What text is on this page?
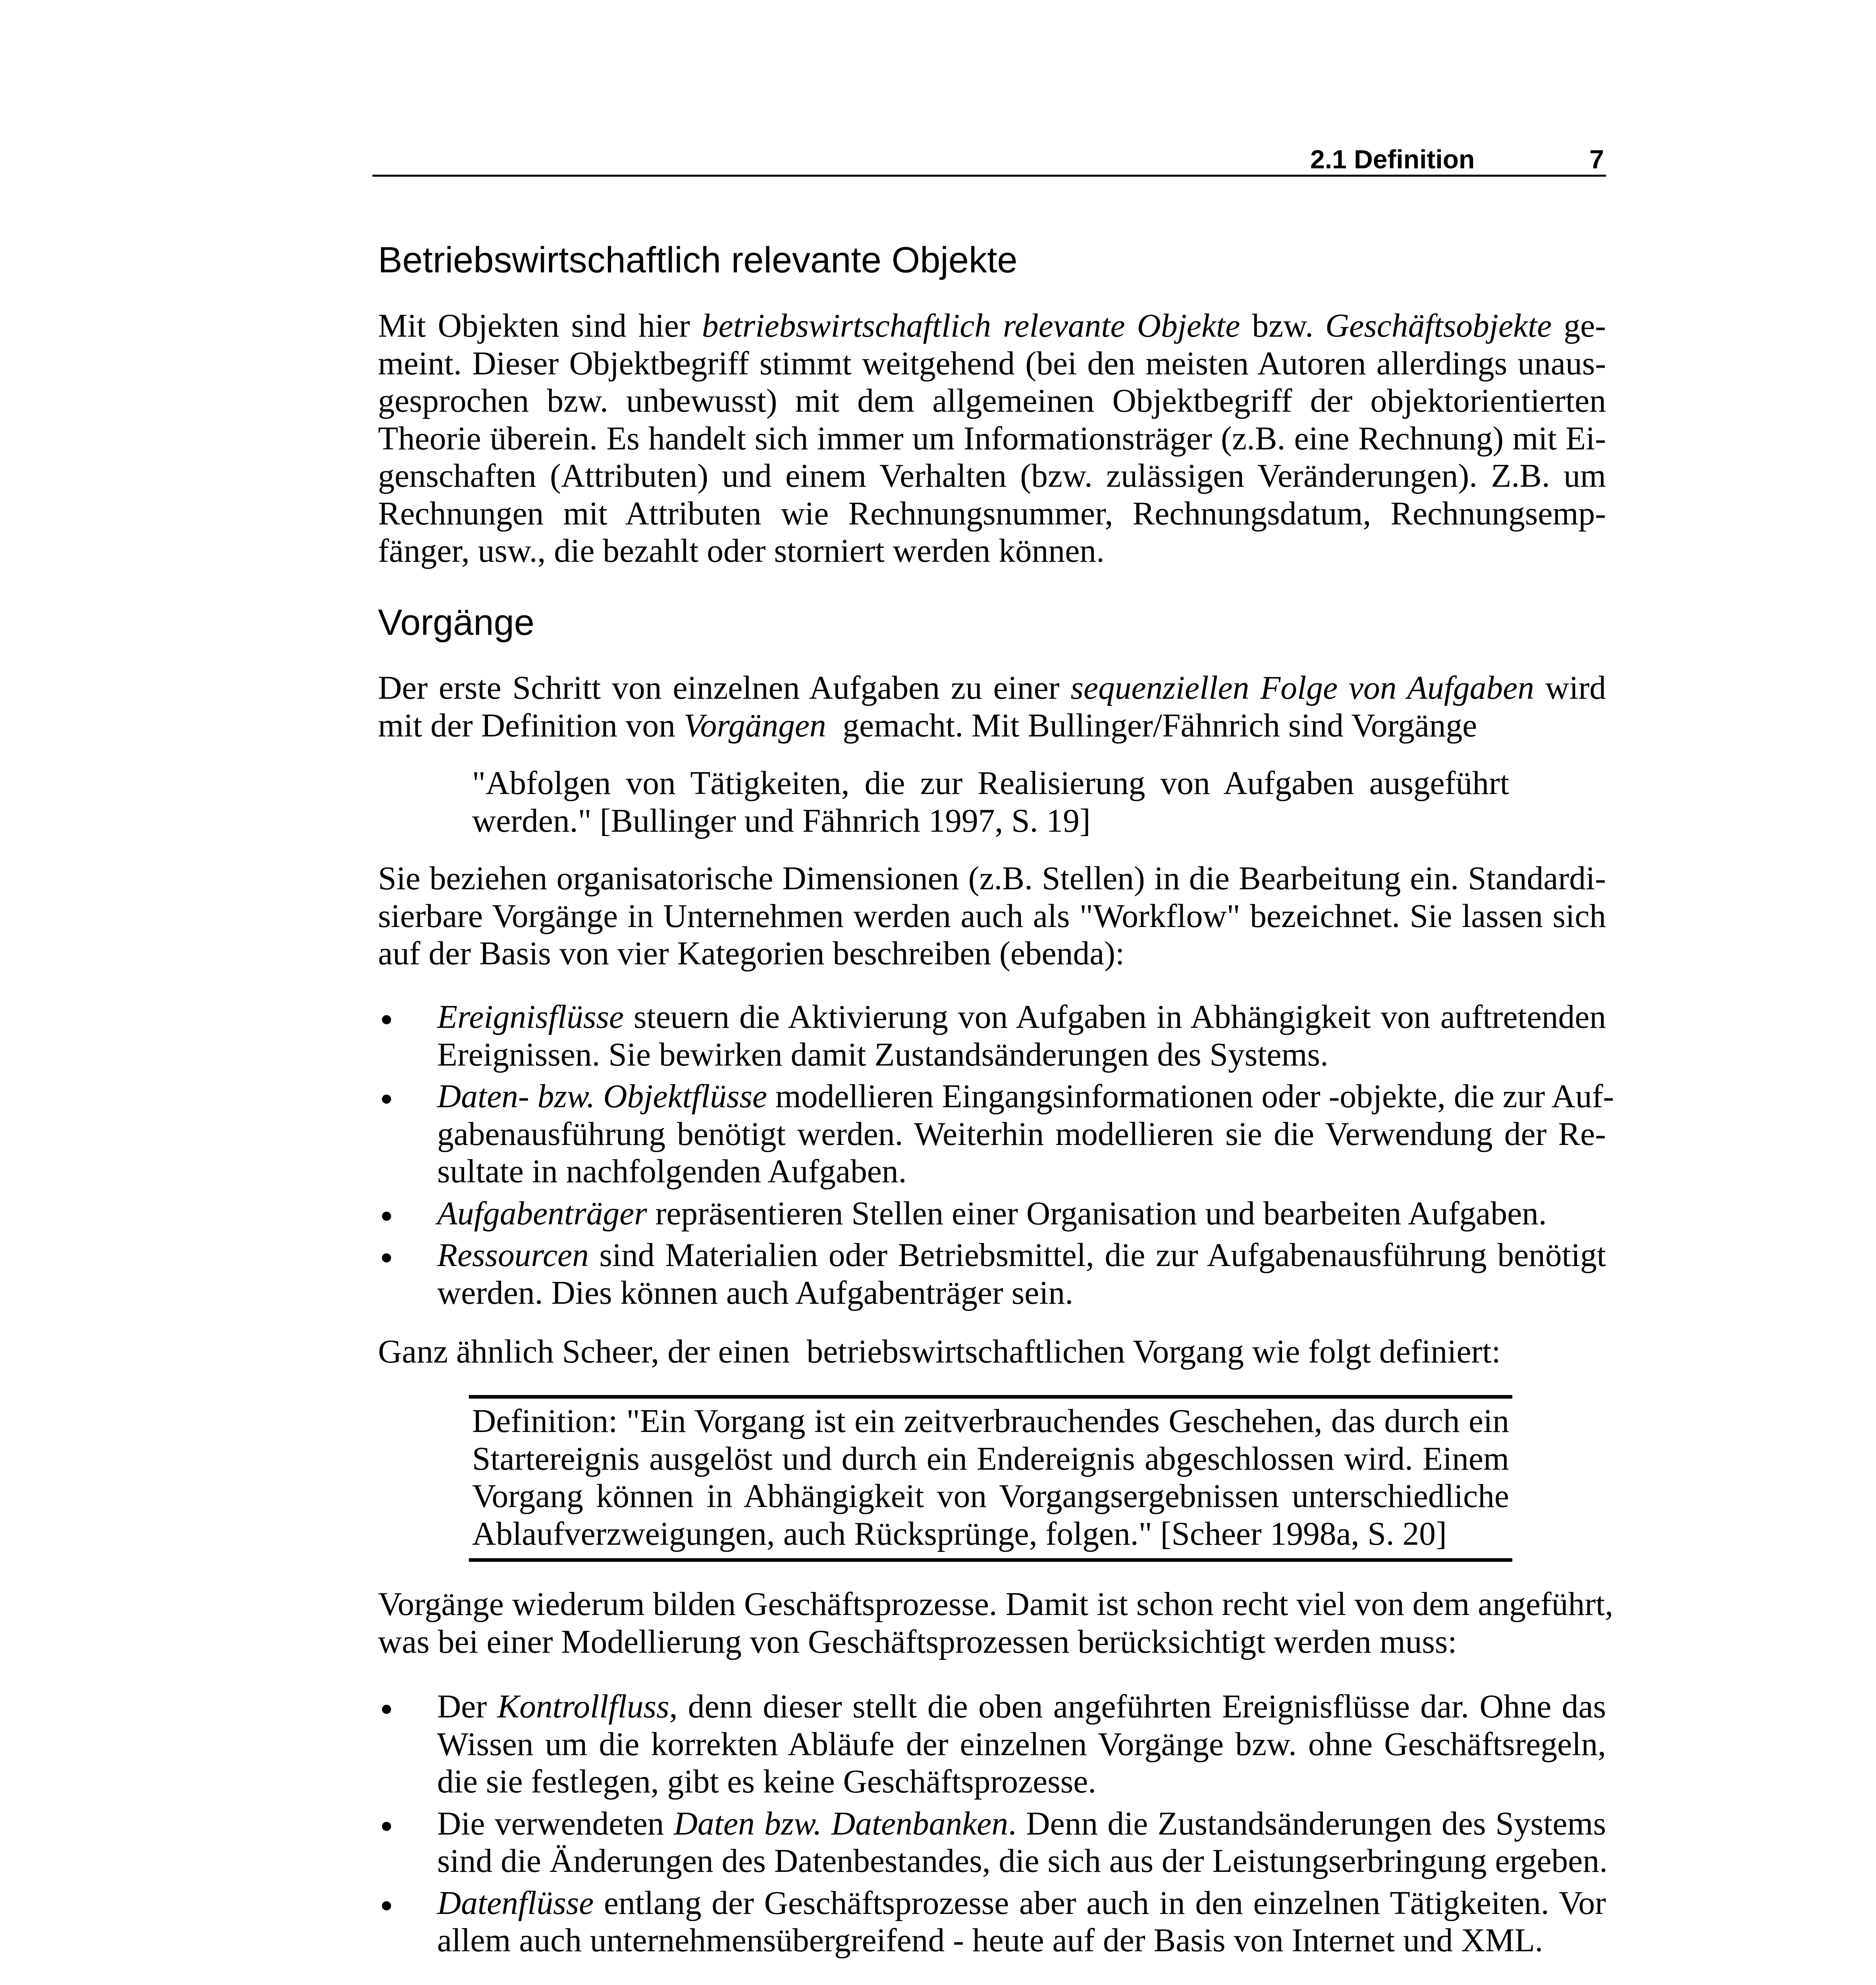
2.1 Definition	7
Betriebswirtschaftlich relevante Objekte
Mit Objekten sind hier betriebswirtschaftlich relevante Objekte bzw. Geschäftsobjekte ge-
meint. Dieser Objektbegriff stimmt weitgehend (bei den meisten Autoren allerdings unaus-
gesprochen bzw. unbewusst) mit dem allgemeinen Objektbegriff der objektorientierten
Theorie überein. Es handelt sich immer um Informationsträger (z.B. eine Rechnung) mit Ei-
genschaften (Attributen) und einem Verhalten (bzw. zulässigen Veränderungen). Z.B. um
Rechnungen mit Attributen wie Rechnungsnummer, Rechnungsdatum, Rechnungsemp-
fänger, usw., die bezahlt oder storniert werden können.
Vorgänge
Der erste Schritt von einzelnen Aufgaben zu einer sequenziellen Folge von Aufgaben wird
mit der Definition von Vorgängen  gemacht. Mit Bullinger/Fähnrich sind Vorgänge
"Abfolgen von Tätigkeiten, die zur Realisierung von Aufgaben ausgeführt
werden." [Bullinger und Fähnrich 1997, S. 19]
Sie beziehen organisatorische Dimensionen (z.B. Stellen) in die Bearbeitung ein. Standardi-
sierbare Vorgänge in Unternehmen werden auch als "Workflow" bezeichnet. Sie lassen sich
auf der Basis von vier Kategorien beschreiben (ebenda):
Ereignisflüsse steuern die Aktivierung von Aufgaben in Abhängigkeit von auftretenden
Ereignissen. Sie bewirken damit Zustandsänderungen des Systems.
Daten- bzw. Objektflüsse modellieren Eingangsinformationen oder -objekte, die zur Auf-
gabenausführung benötigt werden. Weiterhin modellieren sie die Verwendung der Re-
sultate in nachfolgenden Aufgaben.
Aufgabenträger repräsentieren Stellen einer Organisation und bearbeiten Aufgaben.
Ressourcen sind Materialien oder Betriebsmittel, die zur Aufgabenausführung benötigt
werden. Dies können auch Aufgabenträger sein.
Ganz ähnlich Scheer, der einen  betriebswirtschaftlichen Vorgang wie folgt definiert:
Definition: "Ein Vorgang ist ein zeitverbrauchendes Geschehen, das durch ein
Startereignis ausgelöst und durch ein Endereignis abgeschlossen wird. Einem
Vorgang können in Abhängigkeit von Vorgangsergebnissen unterschiedliche
Ablaufverzweigungen, auch Rücksprünge, folgen." [Scheer 1998a, S. 20]
Vorgänge wiederum bilden Geschäftsprozesse. Damit ist schon recht viel von dem angeführt,
was bei einer Modellierung von Geschäftsprozessen berücksichtigt werden muss:
Der Kontrollfluss, denn dieser stellt die oben angeführten Ereignisflüsse dar. Ohne das
Wissen um die korrekten Abläufe der einzelnen Vorgänge bzw. ohne Geschäftsregeln,
die sie festlegen, gibt es keine Geschäftsprozesse.
Die verwendeten Daten bzw. Datenbanken. Denn die Zustandsänderungen des Systems
sind die Änderungen des Datenbestandes, die sich aus der Leistungserbringung ergeben.
Datenflüsse entlang der Geschäftsprozesse aber auch in den einzelnen Tätigkeiten. Vor
allem auch unternehmensübergreifend - heute auf der Basis von Internet und XML.
